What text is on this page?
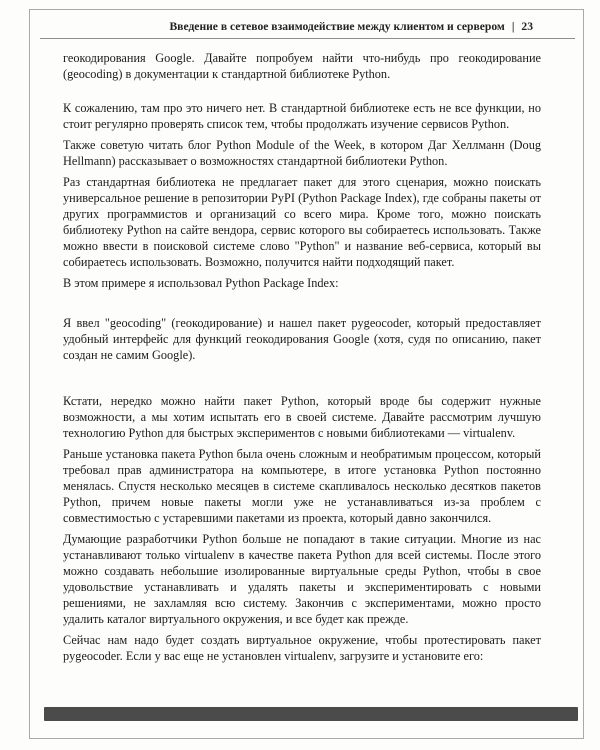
Введение в сетевое взаимодействие между клиентом и сервером | 23

геокодирования Google. Давайте попробуем найти что-нибудь про геокодирование (geocoding) в документации к стандартной библиотеке Python.

К сожалению, там про это ничего нет. В стандартной библиотеке есть не все функции, но стоит регулярно проверять список тем, чтобы продолжать изучение сервисов Python.

Также советую читать блог Python Module of the Week, в котором Даг Хеллманн (Doug Hellmann) рассказывает о возможностях стандартной библиотеки Python.

Раз стандартная библиотека не предлагает пакет для этого сценария, можно поискать универсальное решение в репозитории PyPI (Python Package Index), где собраны пакеты от других программистов и организаций со всего мира. Кроме того, можно поискать библиотеку Python на сайте вендора, сервис которого вы собираетесь использовать. Также можно ввести в поисковой системе слово "Python" и название веб-сервиса, который вы собираетесь использовать. Возможно, получится найти подходящий пакет.

В этом примере я использовал Python Package Index:

Я ввел "geocoding" (геокодирование) и нашел пакет pygeocoder, который предоставляет удобный интерфейс для функций геокодирования Google (хотя, судя по описанию, пакет создан не самим Google).

Кстати, нередко можно найти пакет Python, который вроде бы содержит нужные возможности, а мы хотим испытать его в своей системе. Давайте рассмотрим лучшую технологию Python для быстрых экспериментов с новыми библиотеками — virtualenv.

Раньше установка пакета Python была очень сложным и необратимым процессом, который требовал прав администратора на компьютере, в итоге установка Python постоянно менялась. Спустя несколько месяцев в системе скапливалось несколько десятков пакетов Python, причем новые пакеты могли уже не устанавливаться из-за проблем с совместимостью с устаревшими пакетами из проекта, который давно закончился.

Думающие разработчики Python больше не попадают в такие ситуации. Многие из нас устанавливают только virtualenv в качестве пакета Python для всей системы. После этого можно создавать небольшие изолированные виртуальные среды Python, чтобы в свое удовольствие устанавливать и удалять пакеты и экспериментировать с новыми решениями, не захламляя всю систему. Закончив с экспериментами, можно просто удалить каталог виртуального окружения, и все будет как прежде.

Сейчас нам надо будет создать виртуальное окружение, чтобы протестировать пакет pygeocoder. Если у вас еще не установлен virtualenv, загрузите и установите его:
